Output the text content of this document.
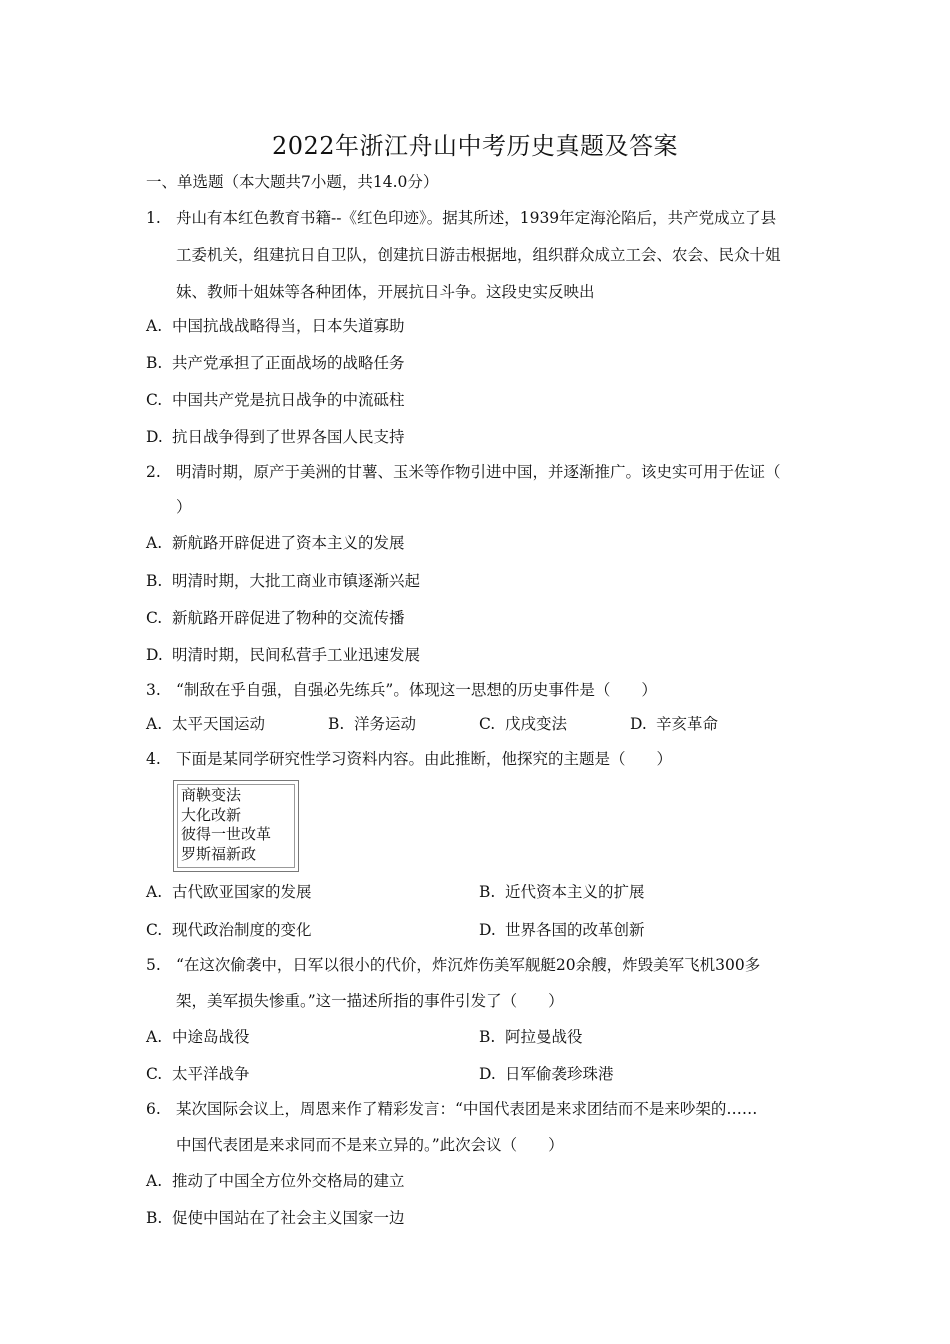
2022年浙江舟山中考历史真题及答案
一、单选题（本大题共7小题，共14.0分）
1. 舟山有本红色教育书籍--《红色印迹》。据其所述，1939年定海沦陷后，共产党成立了县
工委机关，组建抗日自卫队，创建抗日游击根据地，组织群众成立工会、农会、民众十姐
妹、教师十姐妹等各种团体，开展抗日斗争。这段史实反映出
A. 中国抗战战略得当，日本失道寡助
B. 共产党承担了正面战场的战略任务
C. 中国共产党是抗日战争的中流砥柱
D. 抗日战争得到了世界各国人民支持
2. 明清时期，原产于美洲的甘薯、玉米等作物引进中国，并逐渐推广。该史实可用于佐证（
）
A. 新航路开辟促进了资本主义的发展
B. 明清时期，大批工商业市镇逐渐兴起
C. 新航路开辟促进了物种的交流传播
D. 明清时期，民间私营手工业迅速发展
3. “制敌在乎自强，自强必先练兵”。体现这一思想的历史事件是（　　）
A. 太平天国运动	B. 洋务运动	C. 戊戌变法	D. 辛亥革命
4. 下面是某同学研究性学习资料内容。由此推断，他探究的主题是（　　）
商鞅变法
大化改新
彼得一世改革
罗斯福新政
A. 古代欧亚国家的发展	B. 近代资本主义的扩展
C. 现代政治制度的变化	D. 世界各国的改革创新
5. “在这次偷袭中，日军以很小的代价，炸沉炸伤美军舰艇20余艘，炸毁美军飞机300多
架，美军损失惨重。”这一描述所指的事件引发了（　　）
A. 中途岛战役	B. 阿拉曼战役
C. 太平洋战争	D. 日军偷袭珍珠港
6. 某次国际会议上，周恩来作了精彩发言：“中国代表团是来求团结而不是来吵架的……
中国代表团是来求同而不是来立异的。”此次会议（　　）
A. 推动了中国全方位外交格局的建立
B. 促使中国站在了社会主义国家一边
